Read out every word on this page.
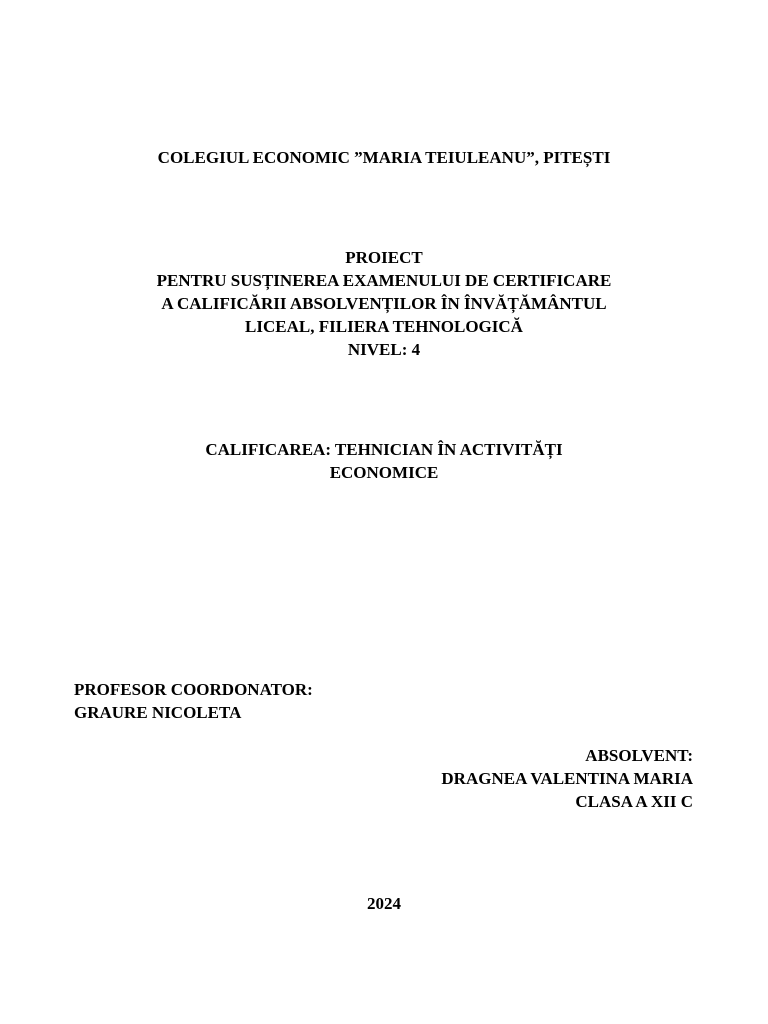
COLEGIUL ECONOMIC ”MARIA TEIULEANU”, PITEȘTI
PROIECT
PENTRU SUSȚINEREA EXAMENULUI DE CERTIFICARE
A CALIFICĂRII ABSOLVENȚILOR ÎN ÎNVĂȚĂMÂNTUL
LICEAL, FILIERA TEHNOLOGICĂ
NIVEL: 4
CALIFICAREA: TEHNICIAN ÎN ACTIVITĂȚI
ECONOMICE
PROFESOR COORDONATOR:
GRAURE NICOLETA
ABSOLVENT:
DRAGNEA VALENTINA MARIA
CLASA A XII C
2024
